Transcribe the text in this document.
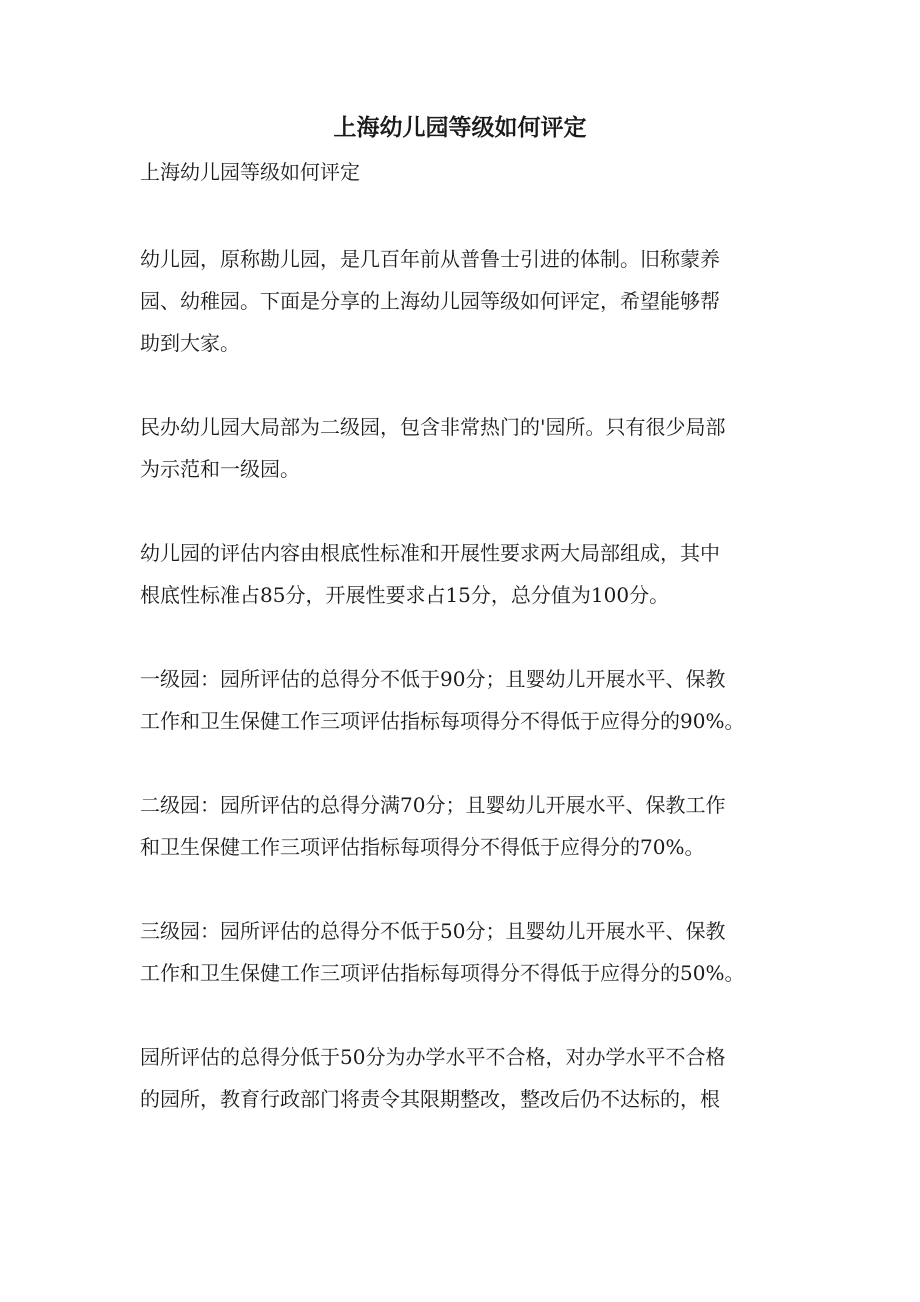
上海幼儿园等级如何评定

上海幼儿园等级如何评定

幼儿园，原称勘儿园，是几百年前从普鲁士引进的体制。旧称蒙养
园、幼稚园。下面是分享的上海幼儿园等级如何评定，希望能够帮
助到大家。

民办幼儿园大局部为二级园，包含非常热门的'园所。只有很少局部
为示范和一级园。

幼儿园的评估内容由根底性标准和开展性要求两大局部组成，其中
根底性标准占85分，开展性要求占15分，总分值为100分。

一级园：园所评估的总得分不低于90分；且婴幼儿开展水平、保教
工作和卫生保健工作三项评估指标每项得分不得低于应得分的90%。

二级园：园所评估的总得分满70分；且婴幼儿开展水平、保教工作
和卫生保健工作三项评估指标每项得分不得低于应得分的70%。

三级园：园所评估的总得分不低于50分；且婴幼儿开展水平、保教
工作和卫生保健工作三项评估指标每项得分不得低于应得分的50%。

园所评估的总得分低于50分为办学水平不合格，对办学水平不合格
的园所，教育行政部门将责令其限期整改，整改后仍不达标的，根
